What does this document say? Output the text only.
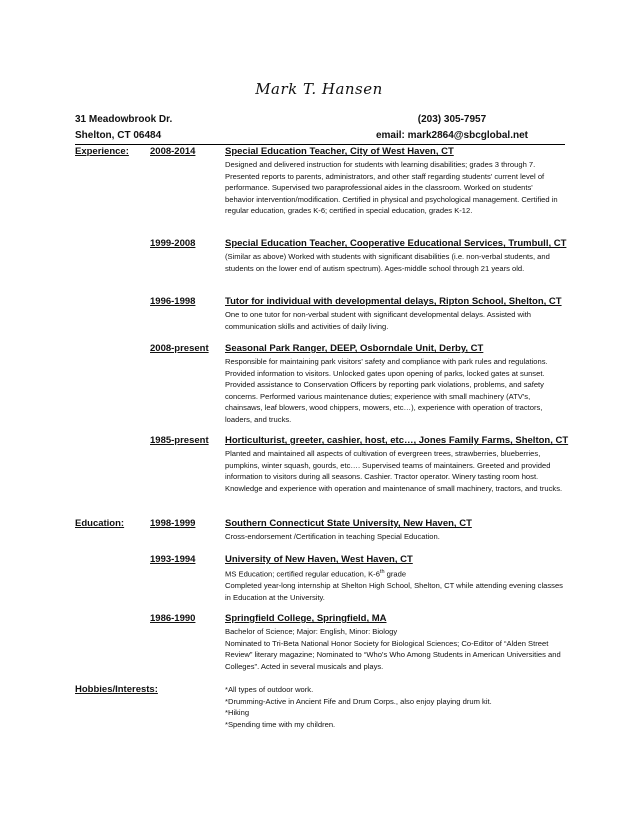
Mark T. Hansen
31 Meadowbrook Dr.
Shelton, CT 06484
(203) 305-7957
email: mark2864@sbcglobal.net
Experience: 2008-2014	Special Education Teacher, City of West Haven, CT
Designed and delivered instruction for students with learning disabilities; grades 3 through 7. Presented reports to parents, administrators, and other staff regarding students' current level of performance. Supervised two paraprofessional aides in the classroom. Worked on students' behavior intervention/modification. Certified in physical and psychological management. Certified in regular education, grades K-6; certified in special education, grades K-12.
1999-2008	Special Education Teacher, Cooperative Educational Services, Trumbull, CT
(Similar as above) Worked with students with significant disabilities (i.e. non-verbal students, and students on the lower end of autism spectrum). Ages-middle school through 21 years old.
1996-1998	Tutor for individual with developmental delays, Ripton School, Shelton, CT
One to one tutor for non-verbal student with significant developmental delays. Assisted with communication skills and activities of daily living.
2008-present Seasonal Park Ranger, DEEP, Osborndale Unit, Derby, CT
Responsible for maintaining park visitors' safety and compliance with park rules and regulations. Provided information to visitors. Unlocked gates upon opening of parks, locked gates at sunset. Provided assistance to Conservation Officers by reporting park violations, problems, and safety concerns. Performed various maintenance duties; experience with small machinery (ATV's, chainsaws, leaf blowers, wood chippers, mowers, etc…), experience with operation of tractors, loaders, and trucks.
1985-present Horticulturist, greeter, cashier, host, etc…, Jones Family Farms, Shelton, CT
Planted and maintained all aspects of cultivation of evergreen trees, strawberries, blueberries, pumpkins, winter squash, gourds, etc…. Supervised teams of maintainers. Greeted and provided information to visitors during all seasons. Cashier. Tractor operator. Winery tasting room host. Knowledge and experience with operation and maintenance of small machinery, tractors, and trucks.
Education:	1998-1999	Southern Connecticut State University, New Haven, CT
Cross-endorsement /Certification in teaching Special Education.
1993-1994	University of New Haven, West Haven, CT
MS Education; certified regular education, K-6th grade
Completed year-long internship at Shelton High School, Shelton, CT while attending evening classes in Education at the University.
1986-1990	Springfield College, Springfield, MA
Bachelor of Science; Major: English, Minor: Biology
Nominated to Tri-Beta National Honor Society for Biological Sciences; Co-Editor of “Alden Street Review” literary magazine; Nominated to “Who's Who Among Students in American Universities and Colleges”. Acted in several musicals and plays.
Hobbies/Interests:	*All types of outdoor work.
*Drumming-Active in Ancient Fife and Drum Corps., also enjoy playing drum kit.
*Hiking
*Spending time with my children.
